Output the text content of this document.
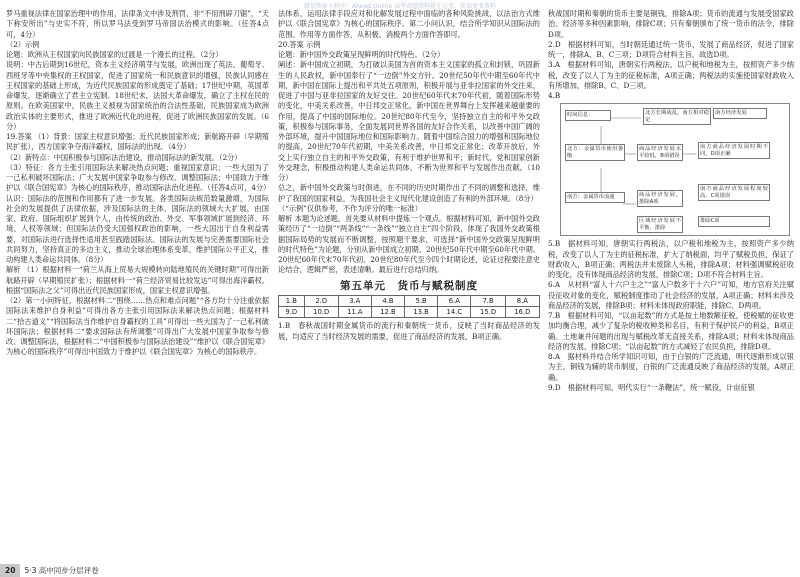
微信搜索小程序：Ahead.Online 高考命题资料就在这里，获取更多资料

罗马重视法律在国家治理中的作用，法律条文中涉及刑罚，非“不用刑辟刀锯”，“天下称安所出”与史实不符，所以罗马法受到罗马帝国法治模式的影响。（任答4点可，4分）

（2）示例

论题：欧洲从王权国家向民族国家的过渡是一个漫长的过程。（2分）

说明：中古后期到16世纪，资本主义经济萌芽与发展，欧洲出现了英法、葡萄牙、西班牙等中央集权的王权国家，促进了国家统一和民族意识的增强，民族认同感在王权国家的基础上形成，为近代民族国家的形成奠定了基础；17世纪中期，英国革命爆发，逐渐确立了君主立宪制。18世纪末，法国大革命爆发，确立了主权在民的原则。在欧美国家中，民族主义被视为国家统治的合法性基础，民族国家成为欧洲政治实体的主要形式，推进了欧洲近代化的进程，促进了欧洲民族国家的发展。（6分）

19.答案 （1）背景：国家主权意识增强；近代民族国家形成；新航路开辟（早期殖民扩张），西方国家争夺海洋霸权，国际法的出现。（4分）

（2）新特点：中国积极参与国际法治建设，推动国际法的新发展。（2分）

（3）特征：各方主张引用国际法来解决热点问题；重视国家意识；一些大国为了一己私利破坏国际法；广大发展中国家争取参与修改、调整国际法；中国致力于维护以《联合国宪章》为核心的国际秩序，推动国际法治化进程。（任答4点可，4分）

认识：国际法的范围和作用都有了进一步发展。各类国际法规范数量激增，为国际社会的发展提供了法律依据，涉及国际法的主体、国际法的领域大大扩展，由国家、政府、国际组织扩展到个人，由传统的政治、外交、军事领域扩展到经济、环境、人权等领域；但国际法仍受大国强权政治的影响，一些大国出于自身利益需要，对国际法进行选择性适用甚至践踏国际法。国际法的发展与完善需要国际社会共同努力，坚持真正的多边主义，推动全球治理体系变革，维护国际公平正义，推动构建人类命运共同体。（8分）

解析 （1）根据材料一“荷兰从海上贸易大规模转向陆地殖民的关键时期”可得出新航路开辟（早期殖民扩张）；根据材料一“荷兰经济贸易比较发达”可得出海洋霸权。根据“国际法之父”可得出近代民族国家形成，国家主权意识增强。

（2）第一小问特征，根据材料二“围绕……热点和难点问题”“各方均十分注重依据国际法来维护自身利益”可得出各方主张引用国际法来解决热点问题；根据材料二“拾古道义”“将国际法当作维护自身霸权的工具”可得出一些大国为了一己私利破坏国际法；根据材料二“要求国际法有所调整”可得出广大发展中国家争取参与修改、调整国际法，根据材料二“中国积极参与国际法治建设”“维护以《联合国宪章》为核心的国际秩序”可得出中国致力于维护以《联合国宪章》为核心的国际秩序。

法体系，运用法律手段应对和化解发展过程中面临的各种风险挑战，以法治方式维护以《联合国宪章》为核心的国际秩序。第二小问认识，结合所学知识从国际法的范围、作用等方面作答，从积极、消极两个方面作答即可。

20.答案 示例

论题：新中国外交政策呈现鲜明的时代特色。（2分）

阐述：新中国成立初期，为打破以美国为首的资本主义国家的孤立和封锁，巩固新生的人民政权，新中国奉行了“一边倒”外交方针。20世纪50年代中期至60年代中期，新中国在国际上提出和平共处五项原则，积极开展与亚非拉国家的外交往来，促进了中国与亚非拉国家的友好交往。20世纪60年代末70年代初，随着国际形势的变化，中美关系改善，中日邦交正常化，新中国在世界舞台上发挥越来越重要的作用，提高了中国的国际地位。20世纪80年代至今，坚持独立自主的和平外交政策，积极参与国际事务，全面发展同世界各国的友好合作关系，以改善中国广阔的外部环境，提升中国国际地位和国际影响力。随着中国综合国力的增强和国际地位的提高，20世纪70年代初期，中美关系改善，中日邦交正常化；改革开放后，外交上实行独立自主的和平外交政策，有利于维护世界和平；新时代，党和国家创新外交理念，积极推动构建人类命运共同体，不断为世界和平与发展作出贡献。（10分）

总之，新中国外交政策与时俱进，在不同的历史时期作出了不同的调整和选择，维护了我国的国家利益，为我国社会主义现代化建设创造了有利的外部环境。（8分）

（“示例”仅供参考，不作为评分的唯一标准）

解析 本题为论述题，首先要从材料中提炼一个观点。根据材料可知，新中国外交政策经历了“一边倒”“两条线”“一条线”“独立自主”四个阶段，体现了我国外交政策根据国际局势的发展而不断调整，按照题干要求，可选择“新中国外交政策呈现鲜明的时代特色”为论题，分别从新中国成立初期、20世纪50年代中期至60年代中期、20世纪60年代末70年代初、20世纪80年代至今四个时期论述，论证过程要注意史论结合，逻辑严密，表述清晰。最后进行总结归纳。

第五单元　货币与赋税制度
1.B	2.D	3.A	4.B	5.B	6.A	7.B	8.A
9.D	10.D	11.A	12.B	13.B	14.C	15.D	16.D

1.B　春秋战国时期金属货币的流行和秦朝统一货币，反映了当时商品经济的发展，均适应了当时经济发展的需要，促进了商品经济的发展，B项正确。

秋战国时期和秦朝的货币主要是铜钱，排除A项；货币的流通与发展受国家政治、经济等多种因素影响，排除C项；只有秦朝颁布了统一货币的法令，排除D项。

2.D　根据材料可知，当时朝廷通过统一货币，发展了商品经济，促进了国家统一，排除A、B、C三项；D项符合材料主旨，故选D项。

3.A　根据材料可知，唐朝实行两税法，以户税和地税为主，按照资产多少纳税，改变了以人丁为主的征税标准，A项正确；两税法的实施使国家财政收入有所增加，排除B、C、D三项。

4.B

时间信息：	北方长期战乱，南方相对稳定
南方经济发展
北方：金属货币使用萎缩
商品经济发展水平较低，B项错误
南方商品经济发展时期不同，D项正确
南方：金属货币流通	商品经济发展，排除A项
南方商品经济发展程度较高，C项错误
区域经济发展不平衡，排除
排除C项

5.B　据材料可知，唐朝实行两税法，以户税和地税为主，按照资产多少纳税，改变了以人丁为主的征税标准，扩大了纳税面，均平了赋税负担，保证了财政收入，B项正确；两税法并未废除人头税，排除A项；材料强调赋税征收的变化，没有体现商品经济的发展，排除C项；D项不符合材料主旨。

6.A　从材料“富人十六户主之”“富人户数多于十六户”可知，地方官府关注赋役征收对象的变化，赋税制度推动了社会经济的发展，A项正确；材料未涉及商品经济的发展，排除B项；材料未体现政府职能，排除C、D两项。

7.B　根据材料可知，“以亩起数”的方式是按土地数额征税，使税赋的征收更加均衡合理，减少了复杂的税收种类和名目，有利于保护民户的利益，B项正确。土地兼并问题的出现与赋税改革无直接关系，排除A项；材料未体现商品经济的发展，排除C项；“以亩起数”的方式减轻了农民负担，排除D项。

8.A　据材料并结合所学知识可知，由于白银的广泛流通，明代逐渐形成以银为主、铜钱为辅的货币制度，白银的广泛流通反映了商品经济的发展，A项正确。

9.D　根据材料可知，明代实行“一条鞭法”，统一赋役，计亩征银

20	5·3 高中同步分层评卷
